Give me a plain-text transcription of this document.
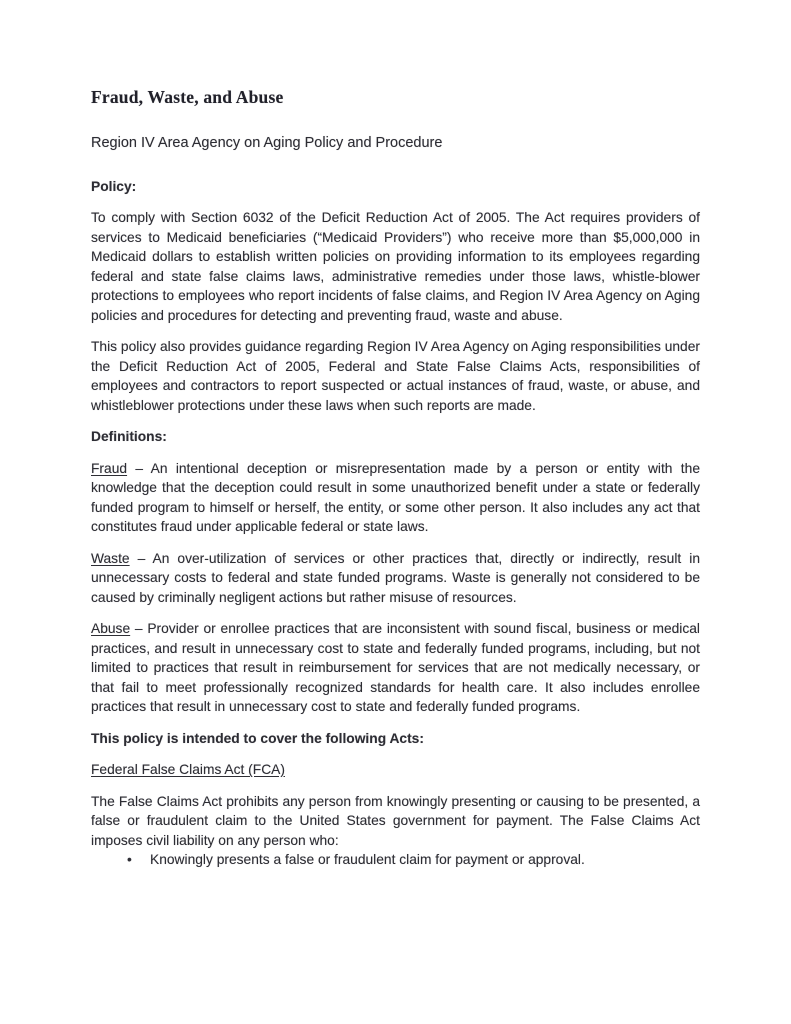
Fraud, Waste, and Abuse

Region IV Area Agency on Aging Policy and Procedure

Policy:

To comply with Section 6032 of the Deficit Reduction Act of 2005. The Act requires providers of services to Medicaid beneficiaries (“Medicaid Providers”) who receive more than $5,000,000 in Medicaid dollars to establish written policies on providing information to its employees regarding federal and state false claims laws, administrative remedies under those laws, whistle-blower protections to employees who report incidents of false claims, and Region IV Area Agency on Aging policies and procedures for detecting and preventing fraud, waste and abuse.

This policy also provides guidance regarding Region IV Area Agency on Aging responsibilities under the Deficit Reduction Act of 2005, Federal and State False Claims Acts, responsibilities of employees and contractors to report suspected or actual instances of fraud, waste, or abuse, and whistleblower protections under these laws when such reports are made.

Definitions:

Fraud – An intentional deception or misrepresentation made by a person or entity with the knowledge that the deception could result in some unauthorized benefit under a state or federally funded program to himself or herself, the entity, or some other person. It also includes any act that constitutes fraud under applicable federal or state laws.

Waste – An over-utilization of services or other practices that, directly or indirectly, result in unnecessary costs to federal and state funded programs. Waste is generally not considered to be caused by criminally negligent actions but rather misuse of resources.

Abuse – Provider or enrollee practices that are inconsistent with sound fiscal, business or medical practices, and result in unnecessary cost to state and federally funded programs, including, but not limited to practices that result in reimbursement for services that are not medically necessary, or that fail to meet professionally recognized standards for health care. It also includes enrollee practices that result in unnecessary cost to state and federally funded programs.

This policy is intended to cover the following Acts:

Federal False Claims Act (FCA)

The False Claims Act prohibits any person from knowingly presenting or causing to be presented, a false or fraudulent claim to the United States government for payment. The False Claims Act imposes civil liability on any person who:

• Knowingly presents a false or fraudulent claim for payment or approval.
